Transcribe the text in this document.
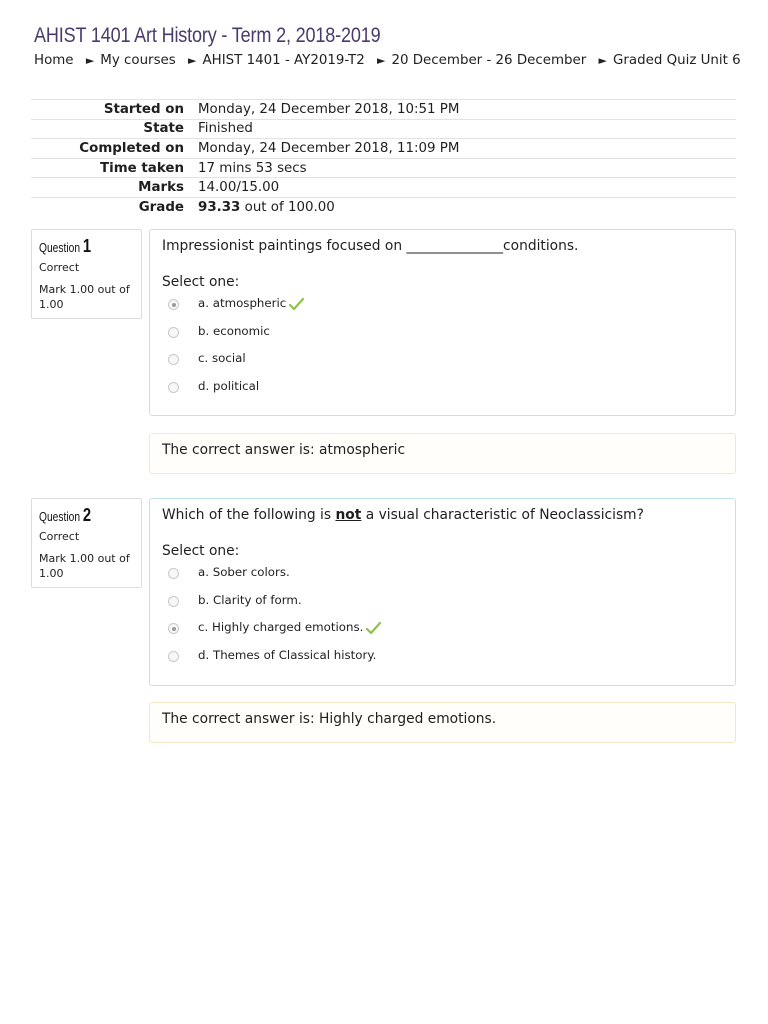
AHIST 1401 Art History - Term 2, 2018-2019
Home ► My courses ► AHIST 1401 - AY2019-T2 ► 20 December - 26 December ► Graded Quiz Unit 6
Started on	Monday, 24 December 2018, 10:51 PM
State	Finished
Completed on	Monday, 24 December 2018, 11:09 PM
Time taken	17 mins 53 secs
Marks	14.00/15.00
Grade	93.33 out of 100.00
Question 1
Correct
Mark 1.00 out of 1.00
Impressionist paintings focused on ______________conditions.
Select one:
a. atmospheric
b. economic
c. social
d. political
The correct answer is: atmospheric
Question 2
Correct
Mark 1.00 out of 1.00
Which of the following is not a visual characteristic of Neoclassicism?
Select one:
a. Sober colors.
b. Clarity of form.
c. Highly charged emotions.
d. Themes of Classical history.
The correct answer is: Highly charged emotions.
